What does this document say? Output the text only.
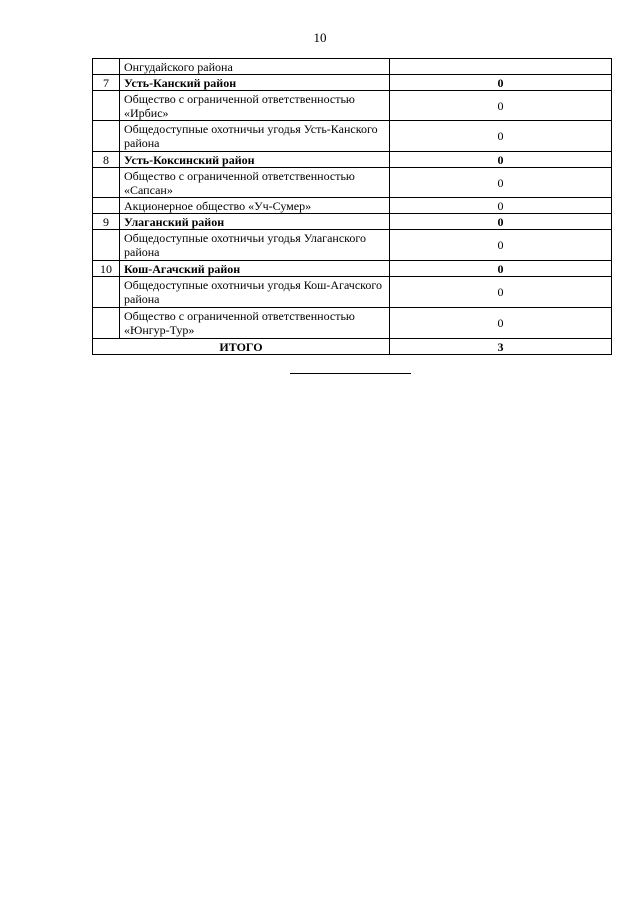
10
	Онгудайского района	
7	Усть-Канский район	0
	Общество с ограниченной ответственностью «Ирбис»	0
	Общедоступные охотничьи угодья Усть-Канского района	0
8	Усть-Коксинский район	0
	Общество с ограниченной ответственностью «Сапсан»	0
	Акционерное общество «Уч-Сумер»	0
9	Улаганский район	0
	Общедоступные охотничьи угодья Улаганского района	0
10	Кош-Агачский район	0
	Общедоступные охотничьи угодья Кош-Агачского района	0
	Общество с ограниченной ответственностью «Юнгур-Тур»	0
ИТОГО		3
